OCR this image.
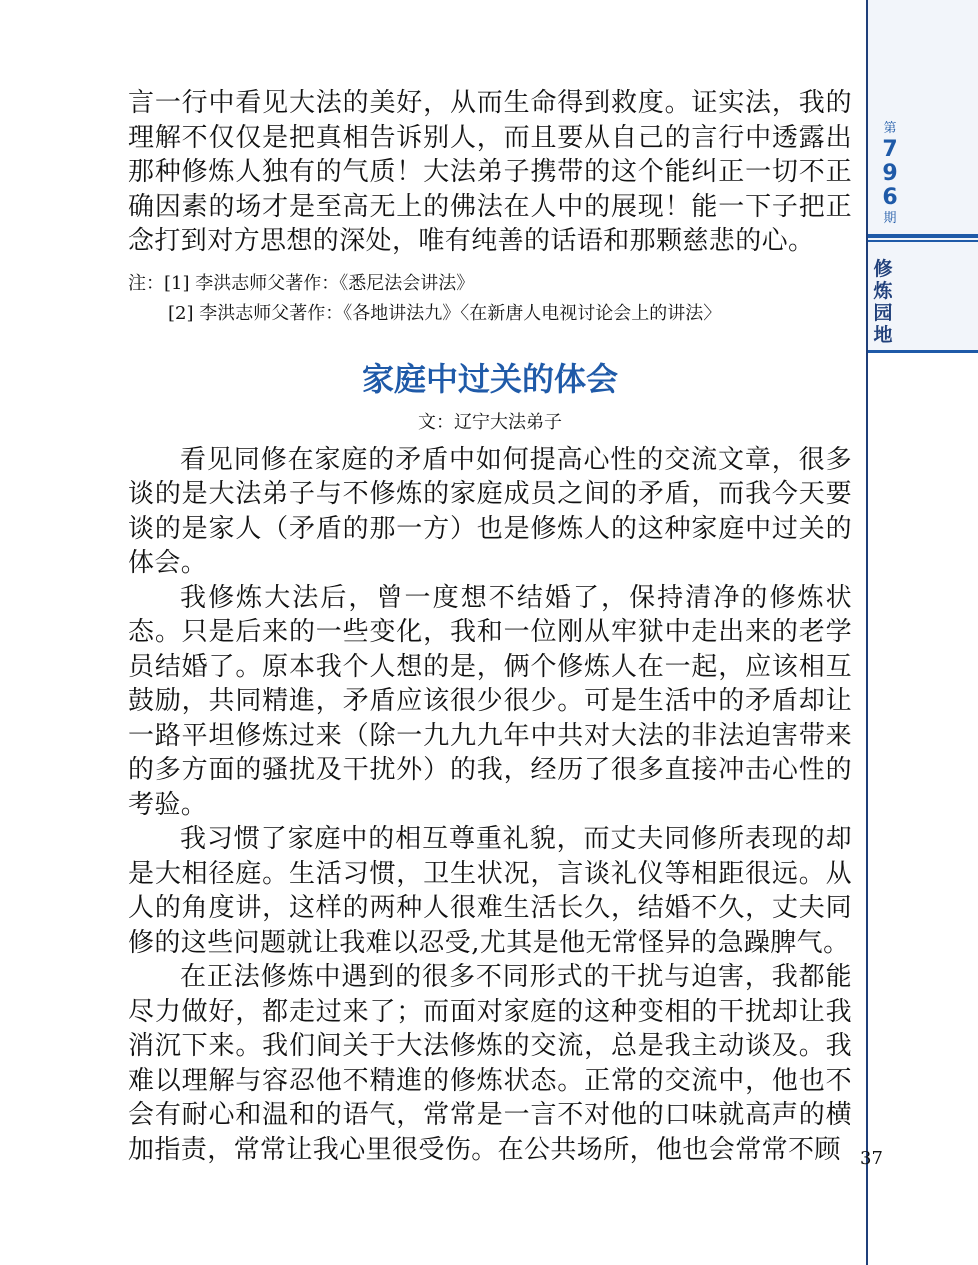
第
7
9
6
期
修
炼
园
地

言一行中看见大法的美好，从而生命得到救度。证实法，我的理解不仅仅是把真相告诉别人，而且要从自己的言行中透露出那种修炼人独有的气质！大法弟子携带的这个能纠正一切不正确因素的场才是至高无上的佛法在人中的展现！能一下子把正念打到对方思想的深处，唯有纯善的话语和那颗慈悲的心。

注：[1] 李洪志师父著作：《悉尼法会讲法》
[2] 李洪志师父著作：《各地讲法九》〈在新唐人电视讨论会上的讲法〉
家庭中过关的体会
文：辽宁大法弟子

看见同修在家庭的矛盾中如何提高心性的交流文章，很多谈的是大法弟子与不修炼的家庭成员之间的矛盾，而我今天要谈的是家人（矛盾的那一方）也是修炼人的这种家庭中过关的体会。

我修炼大法后，曾一度想不结婚了，保持清净的修炼状态。只是后来的一些变化，我和一位刚从牢狱中走出来的老学员结婚了。原本我个人想的是，俩个修炼人在一起，应该相互鼓励，共同精進，矛盾应该很少很少。可是生活中的矛盾却让一路平坦修炼过来（除一九九九年中共对大法的非法迫害带来的多方面的骚扰及干扰外）的我，经历了很多直接冲击心性的考验。

我习惯了家庭中的相互尊重礼貌，而丈夫同修所表现的却是大相径庭。生活习惯，卫生状况，言谈礼仪等相距很远。从人的角度讲，这样的两种人很难生活长久，结婚不久，丈夫同修的这些问题就让我难以忍受,尤其是他无常怪异的急躁脾气。

在正法修炼中遇到的很多不同形式的干扰与迫害，我都能尽力做好，都走过来了；而面对家庭的这种变相的干扰却让我消沉下来。我们间关于大法修炼的交流，总是我主动谈及。我难以理解与容忍他不精進的修炼状态。正常的交流中，他也不会有耐心和温和的语气，常常是一言不对他的口味就高声的横加指责，常常让我心里很受伤。在公共场所，他也会常常不顾	37
